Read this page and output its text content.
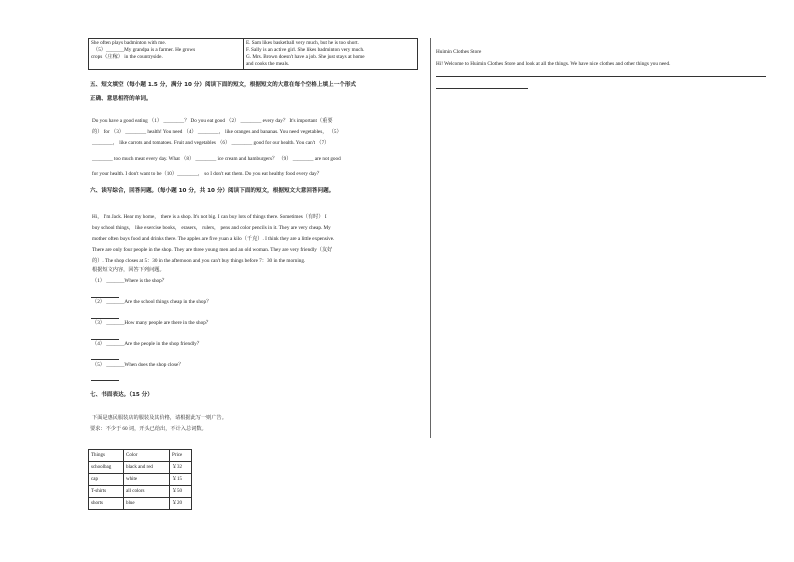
She often plays badminton with me.
（5）_______My grandpa is a farmer. He grows
crops（庄稼） in the countryside.

E. Sam likes basketball very much, but he is too short.
F. Sally is an active girl. She likes badminton very much.
G. Mrs. Brown doesn't have a job. She just stays at home
and cooks the meals.
五、短文填空（每小题 1.5 分，满分 10 分）阅读下面的短文，根据短文的大意在每个空格上填上一个形式
正确、意思相符的单词。
Do you have a good eating （1） ________？ Do you eat good （2） ________ every day？ It's important（重要
的） for （3） ________ health! You need （4） ________， like oranges and bananas. You need vegetables， （5）
________， like carrots and tomatoes. Fruit and vegetables （6） ________ good for our health. You can't （7）
________ too much meat every day. What （8） ________ ice cream and hamburgers？ （9） ________ are not good
for your health. I don't want to be（10）________， so I don't eat them. Do you eat healthy food every day？
六、读写综合，回答问题。（每小题 10 分，共 10 分）阅读下面的短文，根据短文大意回答问题。
Hi， I'm Jack. Hear my home， there is a shop. It's not big. I can buy lots of things there. Sometimes（有时） I
buy school things， like exercise books， erasers， rulers， pens and color pencils in it. They are very cheap. My
mother often buys food and drinks there. The apples are five yuan a kilo（千克）. I think they are a little expensive.
There are only four people in the shop. They are three young men and an old woman. They are very friendly（友好
的）. The shop closes at 5：30 in the afternoon and you can't buy things before 7：30 in the morning.
根据短文内容，回答下列问题。
（1） _______Where is the shop？
（2） _______Are the school things cheap in the shop？
（3） _______How many people are there in the shop？
（4） _______Are the people in the shop friendly？
（5） _______When does the shop close？
七、书面表达。（15 分）
下面是惠民服装店的服装及其价格，请根据此写一则广告。
要求：不少于 60 词，开头已给出，不计入总词数。
Things	Color	Price
schoolbag	black and red	￥32
cap	white	￥15
T-shirts	all colors	￥50
shorts	blue	￥20
Huimin Clothes Store
Hi! Welcome to Huimin Clothes Store and look at all the things. We have nice clothes and other things you need.
